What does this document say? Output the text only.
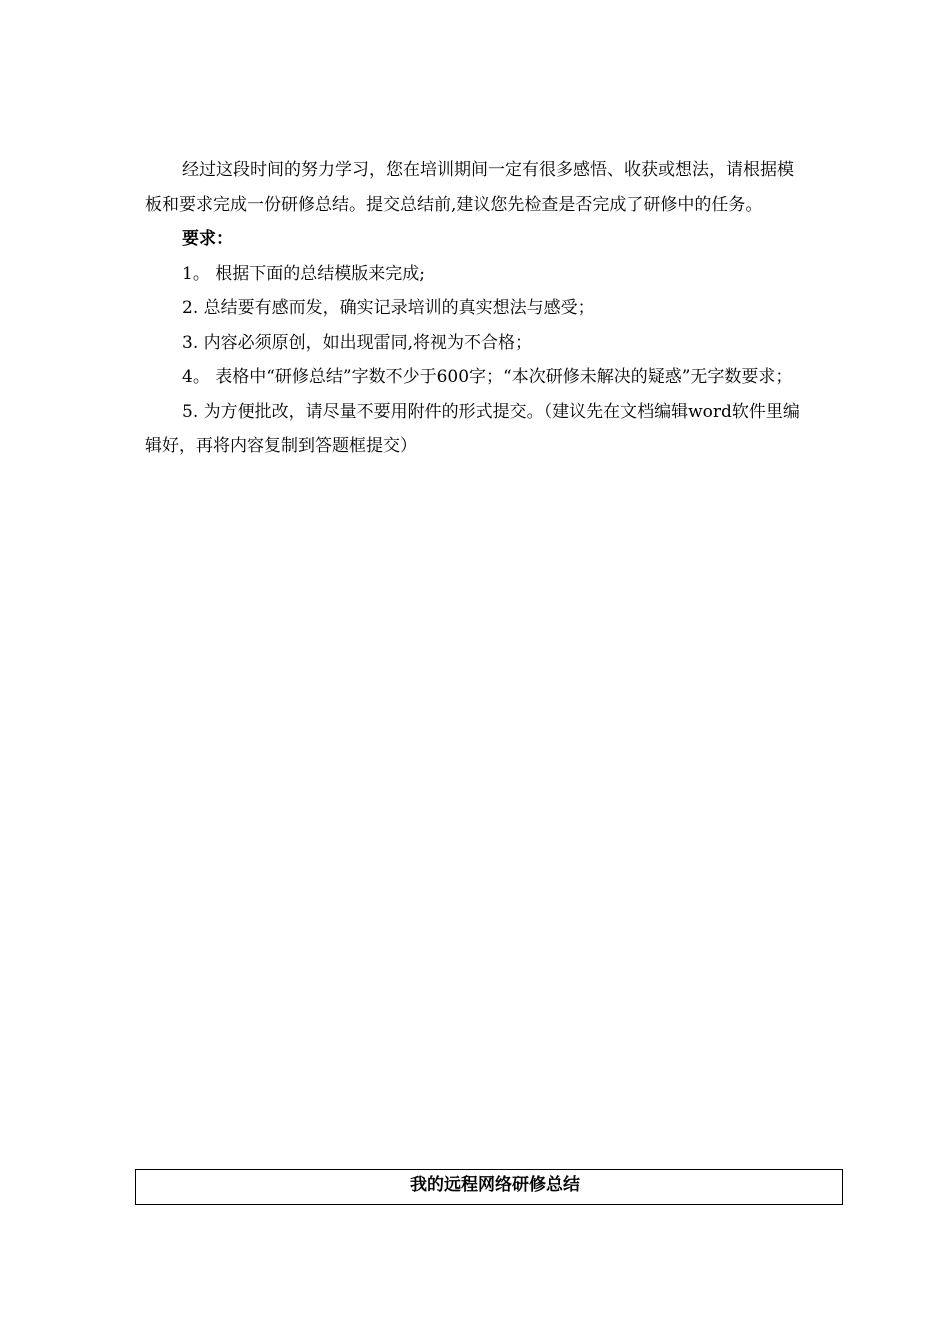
经过这段时间的努力学习，您在培训期间一定有很多感悟、收获或想法，请根据模板和要求完成一份研修总结。提交总结前,建议您先检查是否完成了研修中的任务。

要求：

1。 根据下面的总结模版来完成;

2. 总结要有感而发，确实记录培训的真实想法与感受；

3. 内容必须原创，如出现雷同,将视为不合格；

4。 表格中“研修总结”字数不少于600字；“本次研修未解决的疑惑”无字数要求；

5. 为方便批改，请尽量不要用附件的形式提交。（建议先在文档编辑word软件里编辑好，再将内容复制到答题框提交）

我的远程网络研修总结
